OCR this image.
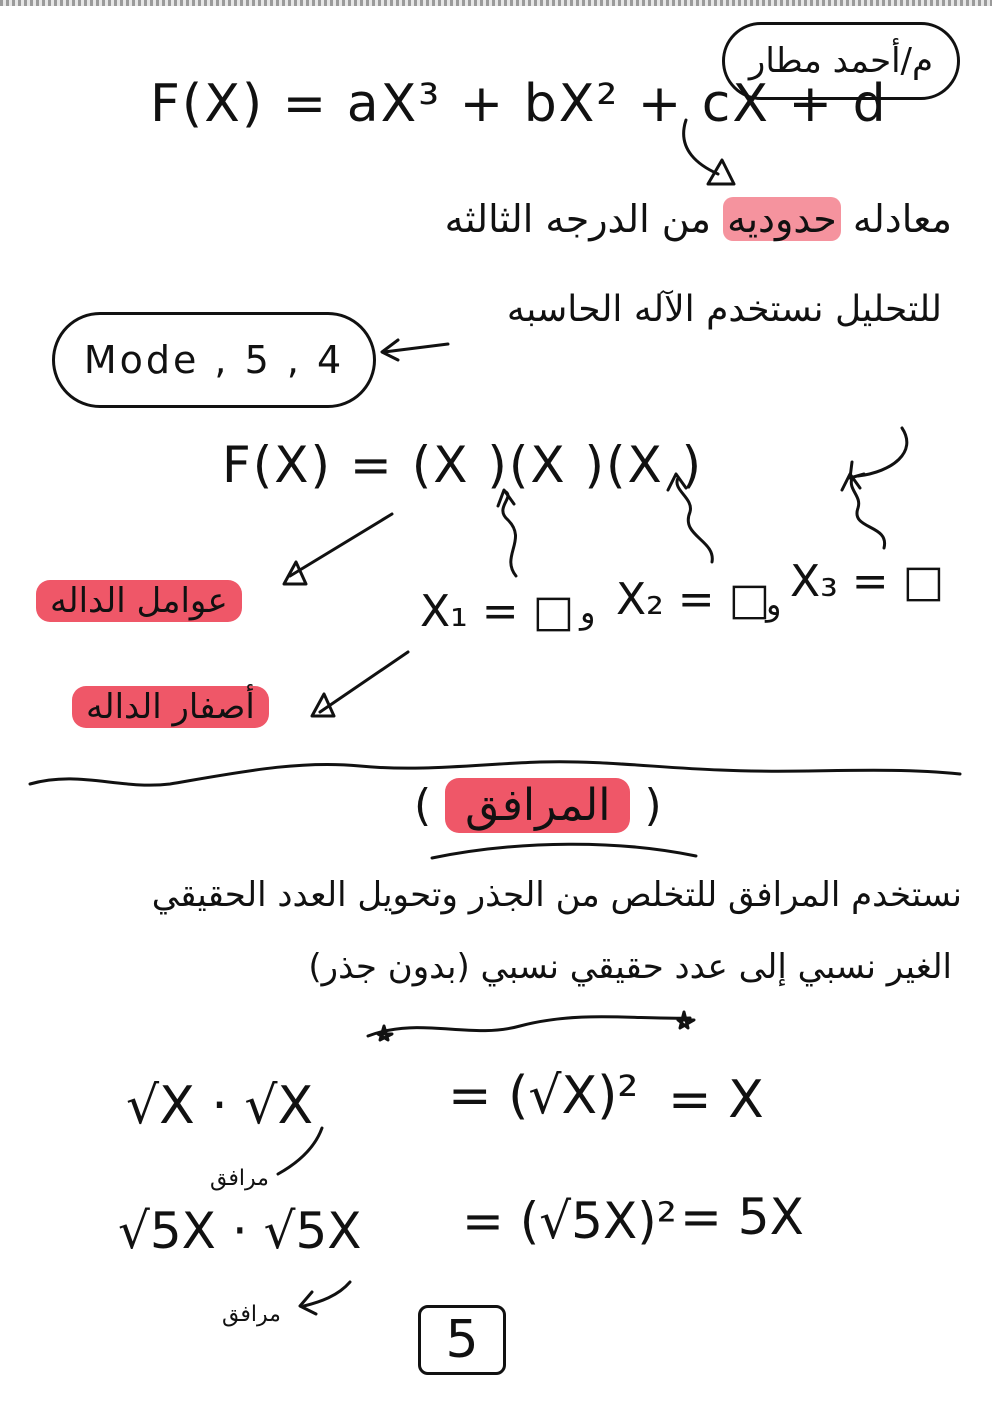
م/أحمد مطار
F(X) = aX³ + bX² + cX + d
معادله حدوديه من الدرجه الثالثه
للتحليل نستخدم الآله الحاسبه
Mode , 5 , 4
F(X) = (X )(X )(X )
X₁ = □ و X₂ = □
و X₃ = □
عوامل الداله
أصفار الداله
( المرافق )
نستخدم المرافق للتخلص من الجذر وتحويل العدد الحقيقي
الغير نسبي إلى عدد حقيقي نسبي (بدون جذر)
√X · √X	= (√X)² = X
مرافق
√5X · √5X = (√5X)² = 5X
مرافق	5
